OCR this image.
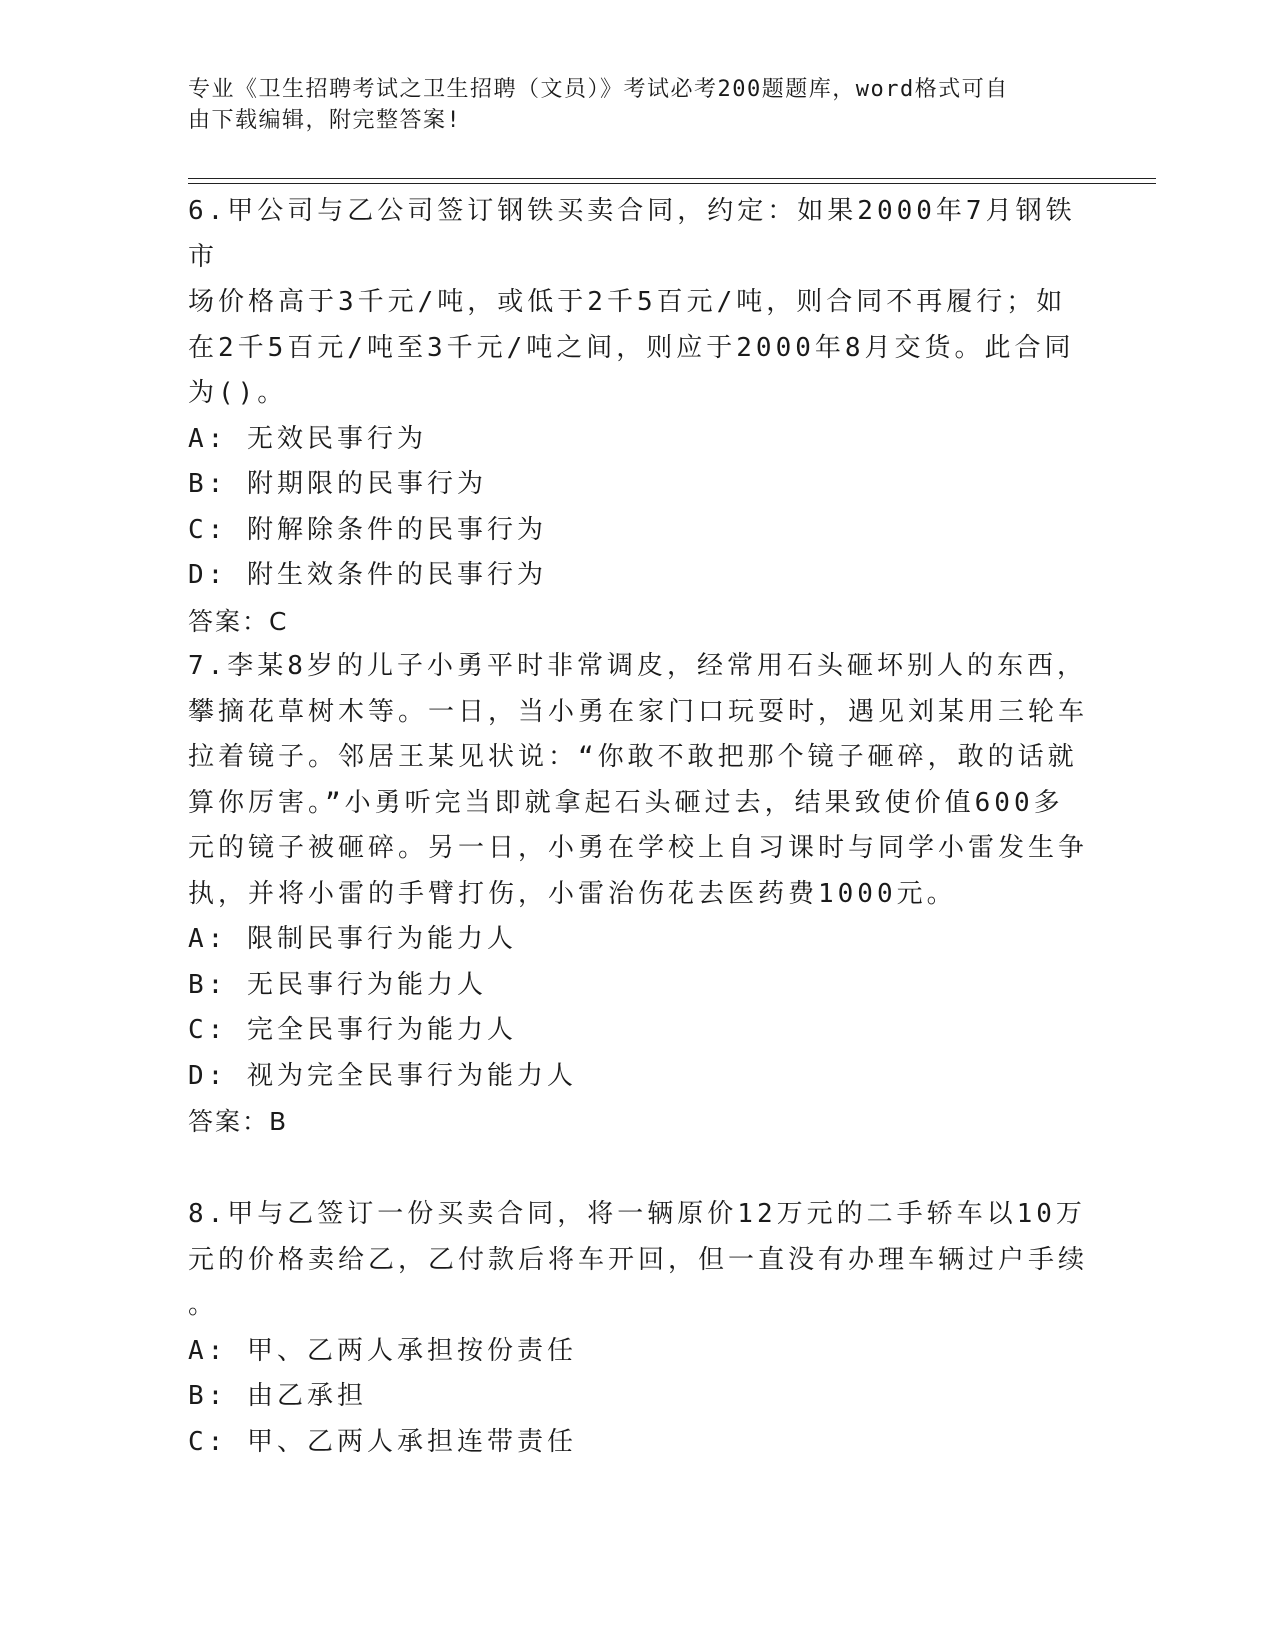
专业《卫生招聘考试之卫生招聘（文员）》考试必考200题题库，word格式可自
由下载编辑，附完整答案!
6.甲公司与乙公司签订钢铁买卖合同，约定：如果2000年7月钢铁市
场价格高于3千元/吨，或低于2千5百元/吨，则合同不再履行；如
在2千5百元/吨至3千元/吨之间，则应于2000年8月交货。此合同
为()。
A: 无效民事行为
B: 附期限的民事行为
C: 附解除条件的民事行为
D: 附生效条件的民事行为
答案：C
7.李某8岁的儿子小勇平时非常调皮，经常用石头砸坏别人的东西，
攀摘花草树木等。一日，当小勇在家门口玩耍时，遇见刘某用三轮车
拉着镜子。邻居王某见状说：“你敢不敢把那个镜子砸碎，敢的话就
算你厉害。”小勇听完当即就拿起石头砸过去，结果致使价值600多
元的镜子被砸碎。另一日，小勇在学校上自习课时与同学小雷发生争
执，并将小雷的手臂打伤，小雷治伤花去医药费1000元。
A: 限制民事行为能力人
B: 无民事行为能力人
C: 完全民事行为能力人
D: 视为完全民事行为能力人
答案：B
8.甲与乙签订一份买卖合同，将一辆原价12万元的二手轿车以10万
元的价格卖给乙，乙付款后将车开回，但一直没有办理车辆过户手续
。
A: 甲、乙两人承担按份责任
B: 由乙承担
C: 甲、乙两人承担连带责任
